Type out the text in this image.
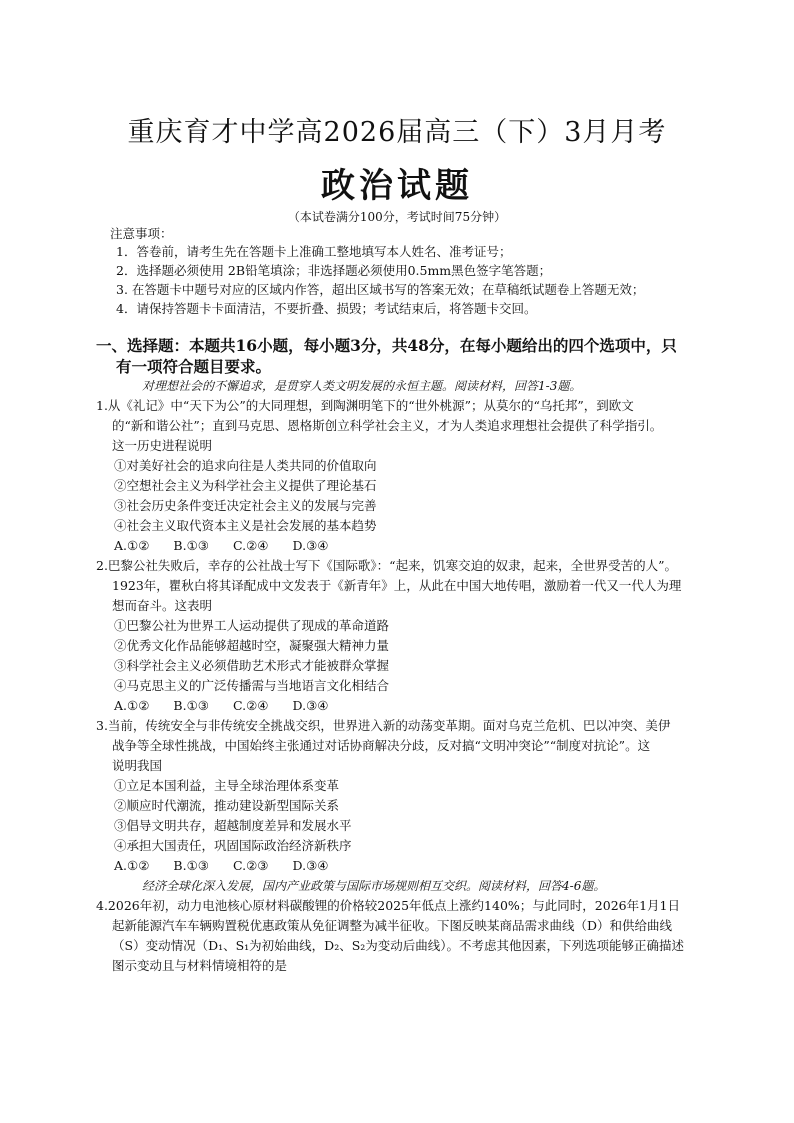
重庆育才中学高2026届高三（下）3月月考
政治试题
（本试卷满分100分，考试时间75分钟）
注意事项：
1．答卷前，请考生先在答题卡上准确工整地填写本人姓名、准考证号；
2．选择题必须使用 2B铅笔填涂；非选择题必须使用0.5mm黑色签字笔答题；
3. 在答题卡中题号对应的区域内作答，超出区域书写的答案无效；在草稿纸试题卷上答题无效；
4．请保持答题卡卡面清洁，不要折叠、损毁；考试结束后，将答题卡交回。
一、选择题：本题共16小题，每小题3分，共48分，在每小题给出的四个选项中，只
有一项符合题目要求。
对理想社会的不懈追求，是贯穿人类文明发展的永恒主题。阅读材料，回答1-3题。
1.从《礼记》中“天下为公”的大同理想，到陶渊明笔下的“世外桃源”；从莫尔的“乌托邦”，到欧文
的“新和谐公社”；直到马克思、恩格斯创立科学社会主义，才为人类追求理想社会提供了科学指引。
这一历史进程说明
①对美好社会的追求向往是人类共同的价值取向
②空想社会主义为科学社会主义提供了理论基石
③社会历史条件变迁决定社会主义的发展与完善
④社会主义取代资本主义是社会发展的基本趋势
A.①② B.①③ C.②④ D.③④
2.巴黎公社失败后，幸存的公社战士写下《国际歌》：“起来，饥寒交迫的奴隶，起来，全世界受苦的人”。
1923年，瞿秋白将其译配成中文发表于《新青年》上，从此在中国大地传唱，激励着一代又一代人为理
想而奋斗。这表明
①巴黎公社为世界工人运动提供了现成的革命道路
②优秀文化作品能够超越时空，凝聚强大精神力量
③科学社会主义必须借助艺术形式才能被群众掌握
④马克思主义的广泛传播需与当地语言文化相结合
A.①② B.①③ C.②④ D.③④
3.当前，传统安全与非传统安全挑战交织，世界进入新的动荡变革期。面对乌克兰危机、巴以冲突、美伊
战争等全球性挑战，中国始终主张通过对话协商解决分歧，反对搞“文明冲突论”“制度对抗论”。这
说明我国
①立足本国利益，主导全球治理体系变革
②顺应时代潮流，推动建设新型国际关系
③倡导文明共存，超越制度差异和发展水平
④承担大国责任，巩固国际政治经济新秩序
A.①② B.①③ C.②③ D.③④
经济全球化深入发展，国内产业政策与国际市场规则相互交织。阅读材料，回答4-6题。
4.2026年初，动力电池核心原材料碳酸锂的价格较2025年低点上涨约140%；与此同时，2026年1月1日
起新能源汽车车辆购置税优惠政策从免征调整为减半征收。下图反映某商品需求曲线（D）和供给曲线
（S）变动情况（D₁、S₁为初始曲线，D₂、S₂为变动后曲线）。不考虑其他因素，下列选项能够正确描述
图示变动且与材料情境相符的是
